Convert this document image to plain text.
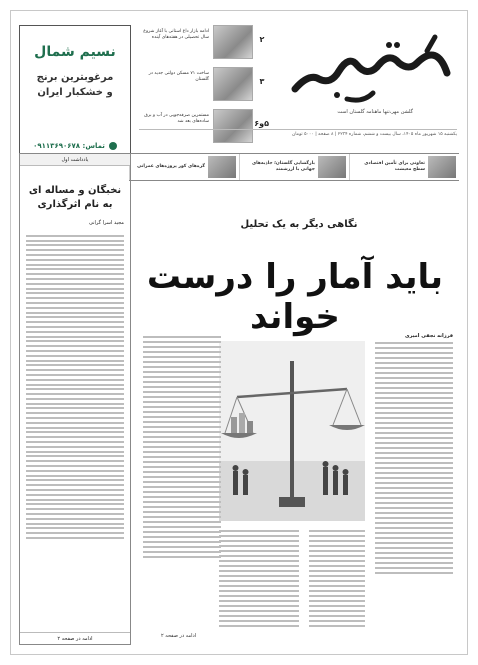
نسیم شمال
مرغوبترین برنج
و خشکبار ایران
تماس: ۰۹۱۱۳۶۹۰۶۷۸
۲
ادامه بازار داغ استانی با آغاز شروع سال تحصیلی در هفته‌های آینده
۳
ساخت ۷۱ مسکن دولتی جدید در گلستان
۵و۶
مستمرین صرفه‌جویی در آب و برق ساده‌های بعد شد
گلشن مهر،تنها ماهنامه گلستان است
یکشنبه ۱۵ شهریور ماه ۱۴۰۵، سال بیست و ششم، شماره ۲۲۳۴ | ۸ صفحه | ۵۰۰۰ تومان
تعاونی برای تأمین اقتصادی سطح معیشت
بازگشایی گلستان؛ جاذبه‌های جهانی با ارزشمند
گره‌های کور پروژه‌های عمرانی
یادداشت اول
نخبگان و مساله ای به نام اثرگذاری
مجید اسرا گرانی
ادامه در صفحه ۲
نگاهی دیگر به یک تحلیل
باید آمار را درست خواند	فرزانه نجفی امیری
ادامه در صفحه ۲
